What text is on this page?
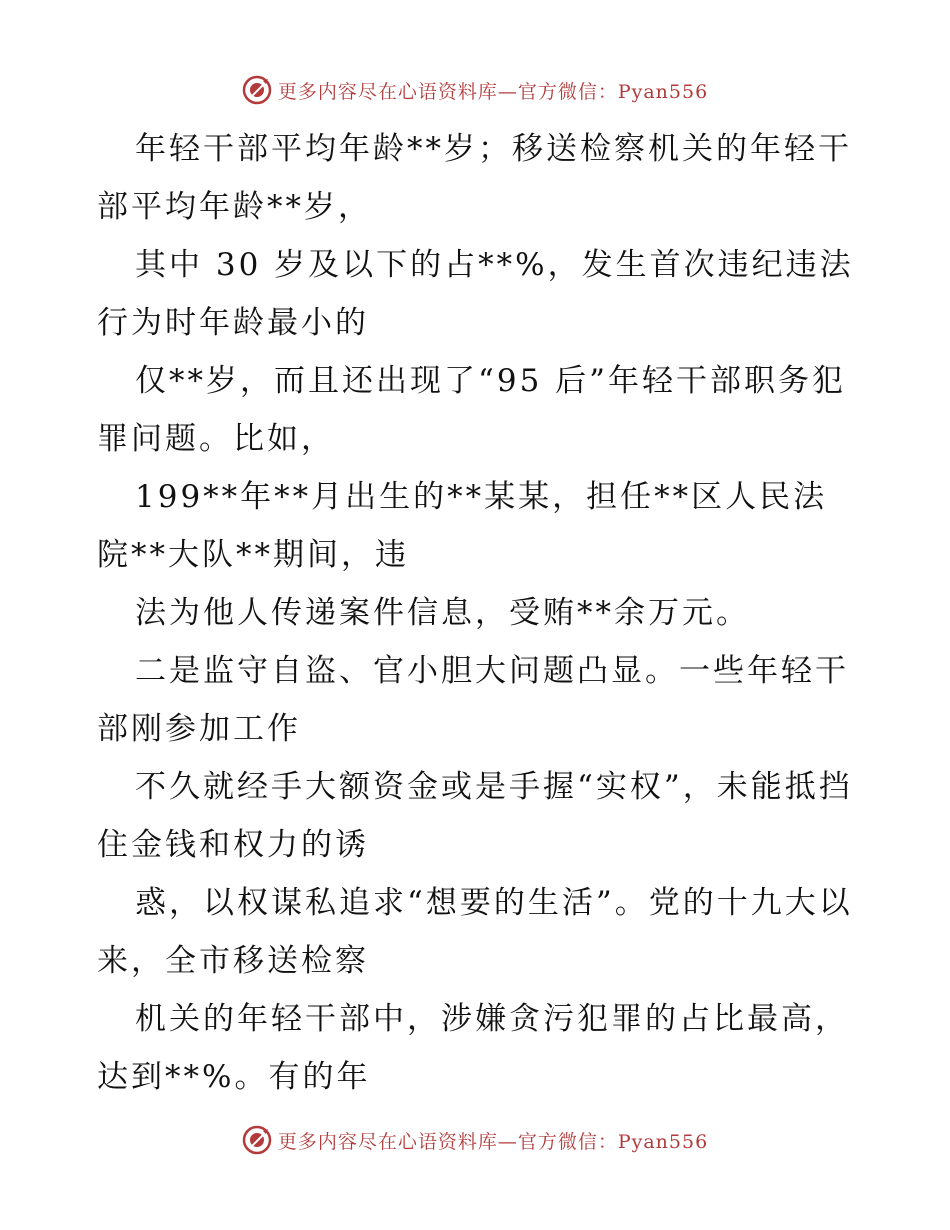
更多内容尽在心语资料库—官方微信：Pyan556

年轻干部平均年龄**岁；移送检察机关的年轻干部平均年龄**岁，

其中 30 岁及以下的占**%，发生首次违纪违法行为时年龄最小的

仅**岁，而且还出现了“95 后”年轻干部职务犯罪问题。比如，

199**年**月出生的**某某，担任**区人民法院**大队**期间，违

法为他人传递案件信息，受贿**余万元。

二是监守自盗、官小胆大问题凸显。一些年轻干部刚参加工作

不久就经手大额资金或是手握“实权”，未能抵挡住金钱和权力的诱

惑，以权谋私追求“想要的生活”。党的十九大以来，全市移送检察

机关的年轻干部中，涉嫌贪污犯罪的占比最高，达到**%。有的年

更多内容尽在心语资料库—官方微信：Pyan556
